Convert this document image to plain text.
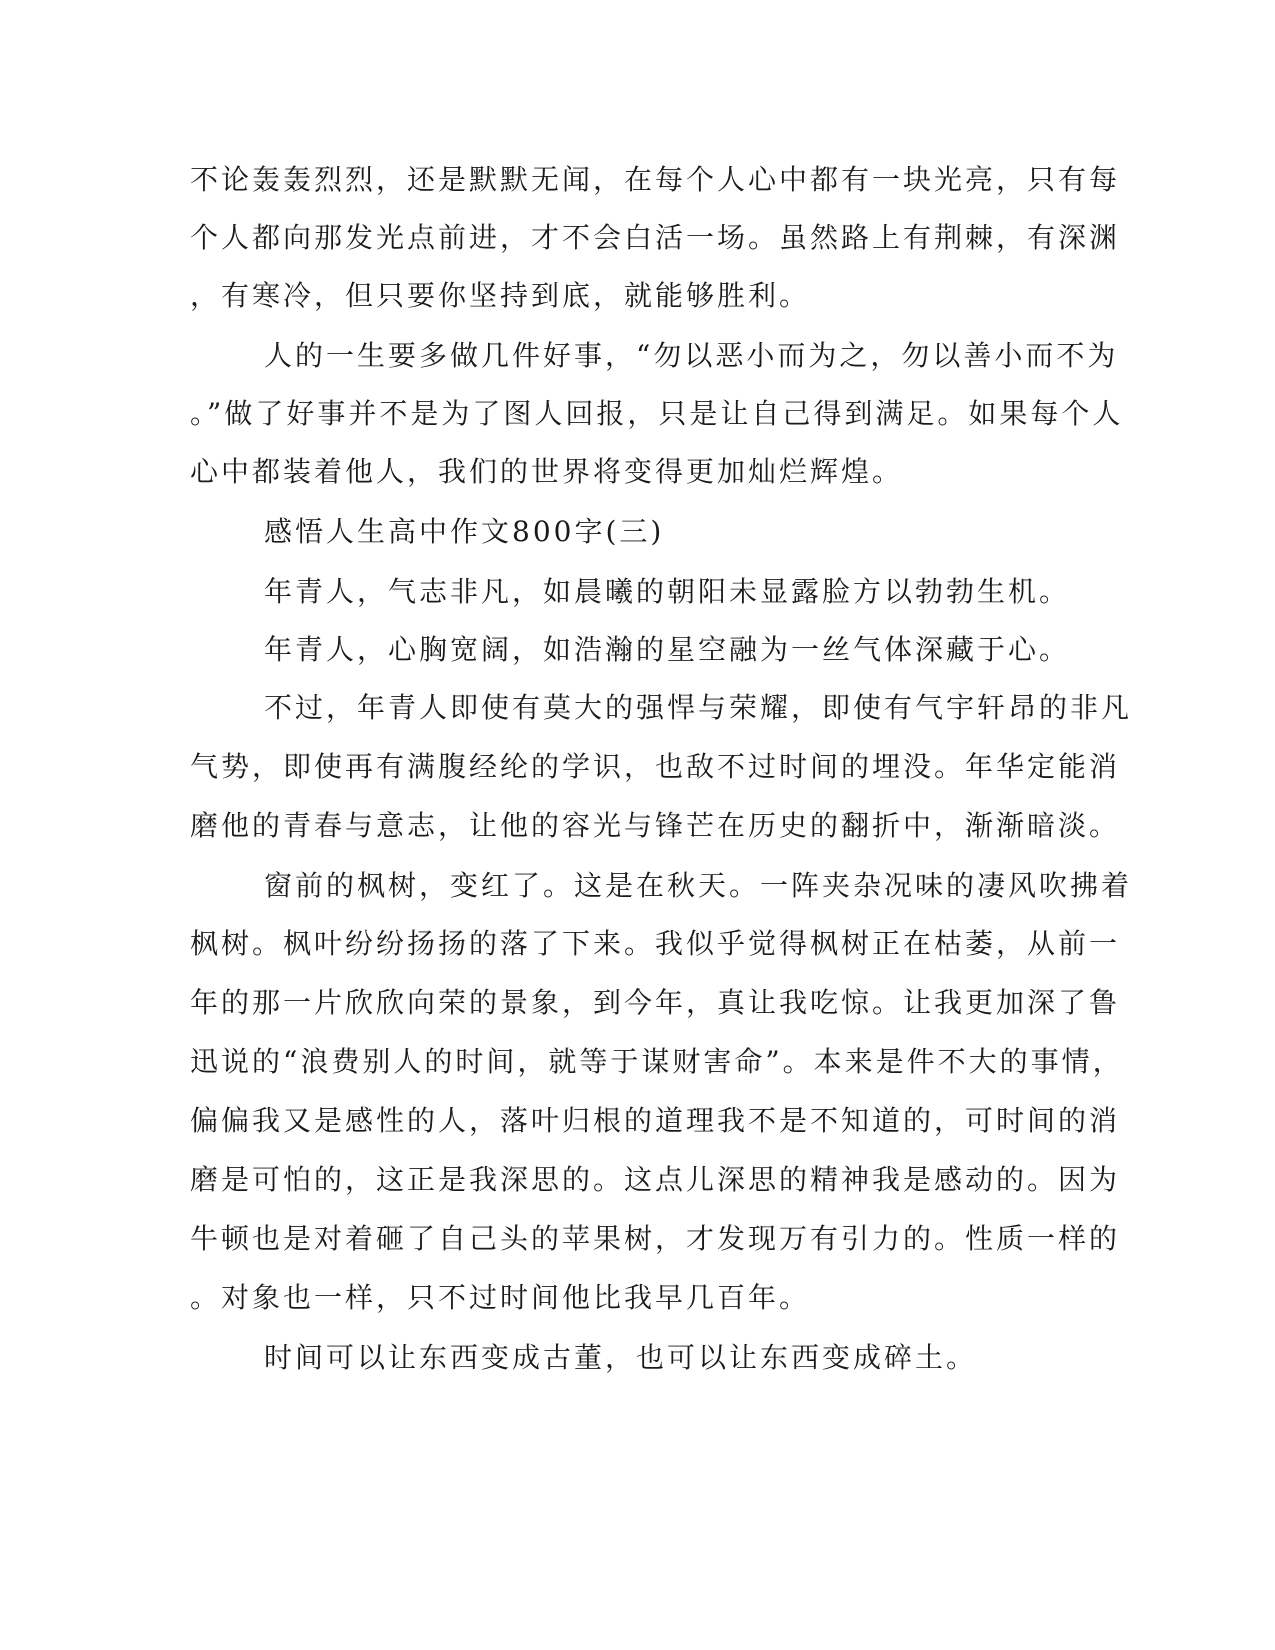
不论轰轰烈烈，还是默默无闻，在每个人心中都有一块光亮，只有每
个人都向那发光点前进，才不会白活一场。虽然路上有荆棘，有深渊
，有寒冷，但只要你坚持到底，就能够胜利。
人的一生要多做几件好事，“勿以恶小而为之，勿以善小而不为
。”做了好事并不是为了图人回报，只是让自己得到满足。如果每个人
心中都装着他人，我们的世界将变得更加灿烂辉煌。
感悟人生高中作文800字(三)
年青人，气志非凡，如晨曦的朝阳未显露脸方以勃勃生机。
年青人，心胸宽阔，如浩瀚的星空融为一丝气体深藏于心。
不过，年青人即使有莫大的强悍与荣耀，即使有气宇轩昂的非凡
气势，即使再有满腹经纶的学识，也敌不过时间的埋没。年华定能消
磨他的青春与意志，让他的容光与锋芒在历史的翻折中，渐渐暗淡。
窗前的枫树，变红了。这是在秋天。一阵夹杂况味的凄风吹拂着
枫树。枫叶纷纷扬扬的落了下来。我似乎觉得枫树正在枯萎，从前一
年的那一片欣欣向荣的景象，到今年，真让我吃惊。让我更加深了鲁
迅说的“浪费别人的时间，就等于谋财害命”。本来是件不大的事情，
偏偏我又是感性的人，落叶归根的道理我不是不知道的，可时间的消
磨是可怕的，这正是我深思的。这点儿深思的精神我是感动的。因为
牛顿也是对着砸了自己头的苹果树，才发现万有引力的。性质一样的
。对象也一样，只不过时间他比我早几百年。
时间可以让东西变成古董，也可以让东西变成碎土。
